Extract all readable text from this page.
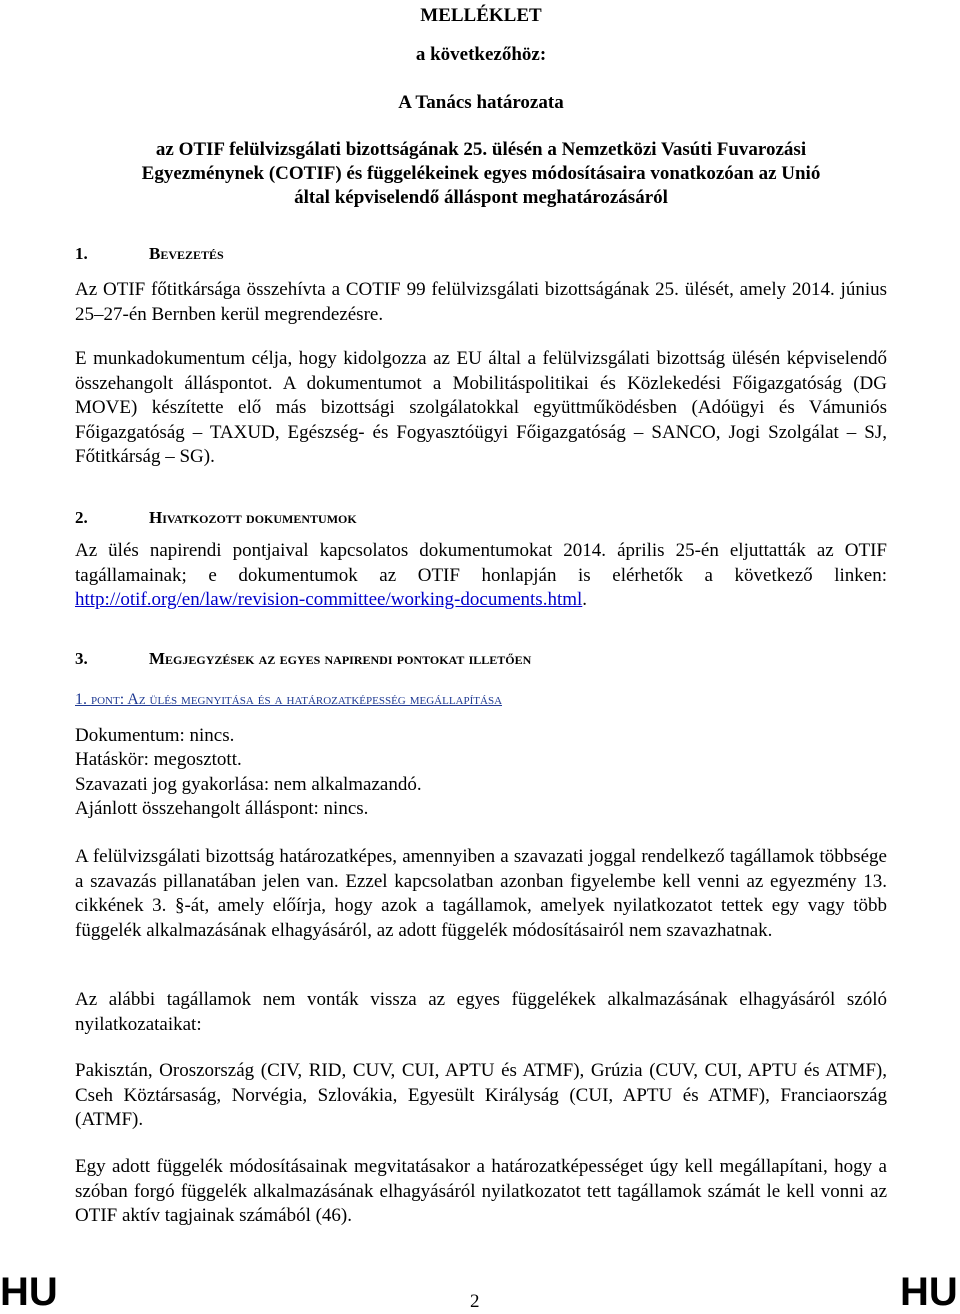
MELLÉKLET

a következőhöz:

A Tanács határozata

az OTIF felülvizsgálati bizottságának 25. ülésén a Nemzetközi Vasúti Fuvarozási

Egyezménynek (COTIF) és függelékeinek egyes módosításaira vonatkozóan az Unió

által képviselendő álláspont meghatározásáról

1.	Bevezetés

Az OTIF főtitkársága összehívta a COTIF 99 felülvizsgálati bizottságának 25. ülését, amely 2014. június 25–27-én Bernben kerül megrendezésre.

E munkadokumentum célja, hogy kidolgozza az EU által a felülvizsgálati bizottság ülésén képviselendő összehangolt álláspontot. A dokumentumot a Mobilitáspolitikai és Közlekedési Főigazgatóság (DG MOVE) készítette elő más bizottsági szolgálatokkal együttműködésben (Adóügyi és Vámuniós Főigazgatóság – TAXUD, Egészség- és Fogyasztóügyi Főigazgatóság – SANCO, Jogi Szolgálat – SJ, Főtitkárság – SG).

2.	Hivatkozott dokumentumok

Az ülés napirendi pontjaival kapcsolatos dokumentumokat 2014. április 25-én eljuttatták az OTIF tagállamainak; e dokumentumok az OTIF honlapján is elérhetők a következő linken: http://otif.org/en/law/revision-committee/working-documents.html.

3.	Megjegyzések az egyes napirendi pontokat illetően

1. pont: Az ülés megnyitása és a határozatképesség megállapítása

Dokumentum: nincs.

Hatáskör: megosztott.

Szavazati jog gyakorlása: nem alkalmazandó.

Ajánlott összehangolt álláspont: nincs.

A felülvizsgálati bizottság határozatképes, amennyiben a szavazati joggal rendelkező tagállamok többsége a szavazás pillanatában jelen van. Ezzel kapcsolatban azonban figyelembe kell venni az egyezmény 13. cikkének 3. §-át, amely előírja, hogy azok a tagállamok, amelyek nyilatkozatot tettek egy vagy több függelék alkalmazásának elhagyásáról, az adott függelék módosításairól nem szavazhatnak.

Az alábbi tagállamok nem vonták vissza az egyes függelékek alkalmazásának elhagyásáról szóló nyilatkozataikat:

Pakisztán, Oroszország (CIV, RID, CUV, CUI, APTU és ATMF), Grúzia (CUV, CUI, APTU és ATMF), Cseh Köztársaság, Norvégia, Szlovákia, Egyesült Királyság (CUI, APTU és ATMF), Franciaország (ATMF).

Egy adott függelék módosításainak megvitatásakor a határozatképességet úgy kell megállapítani, hogy a szóban forgó függelék alkalmazásának elhagyásáról nyilatkozatot tett tagállamok számát le kell vonni az OTIF aktív tagjainak számából (46).

HU	2	HU
